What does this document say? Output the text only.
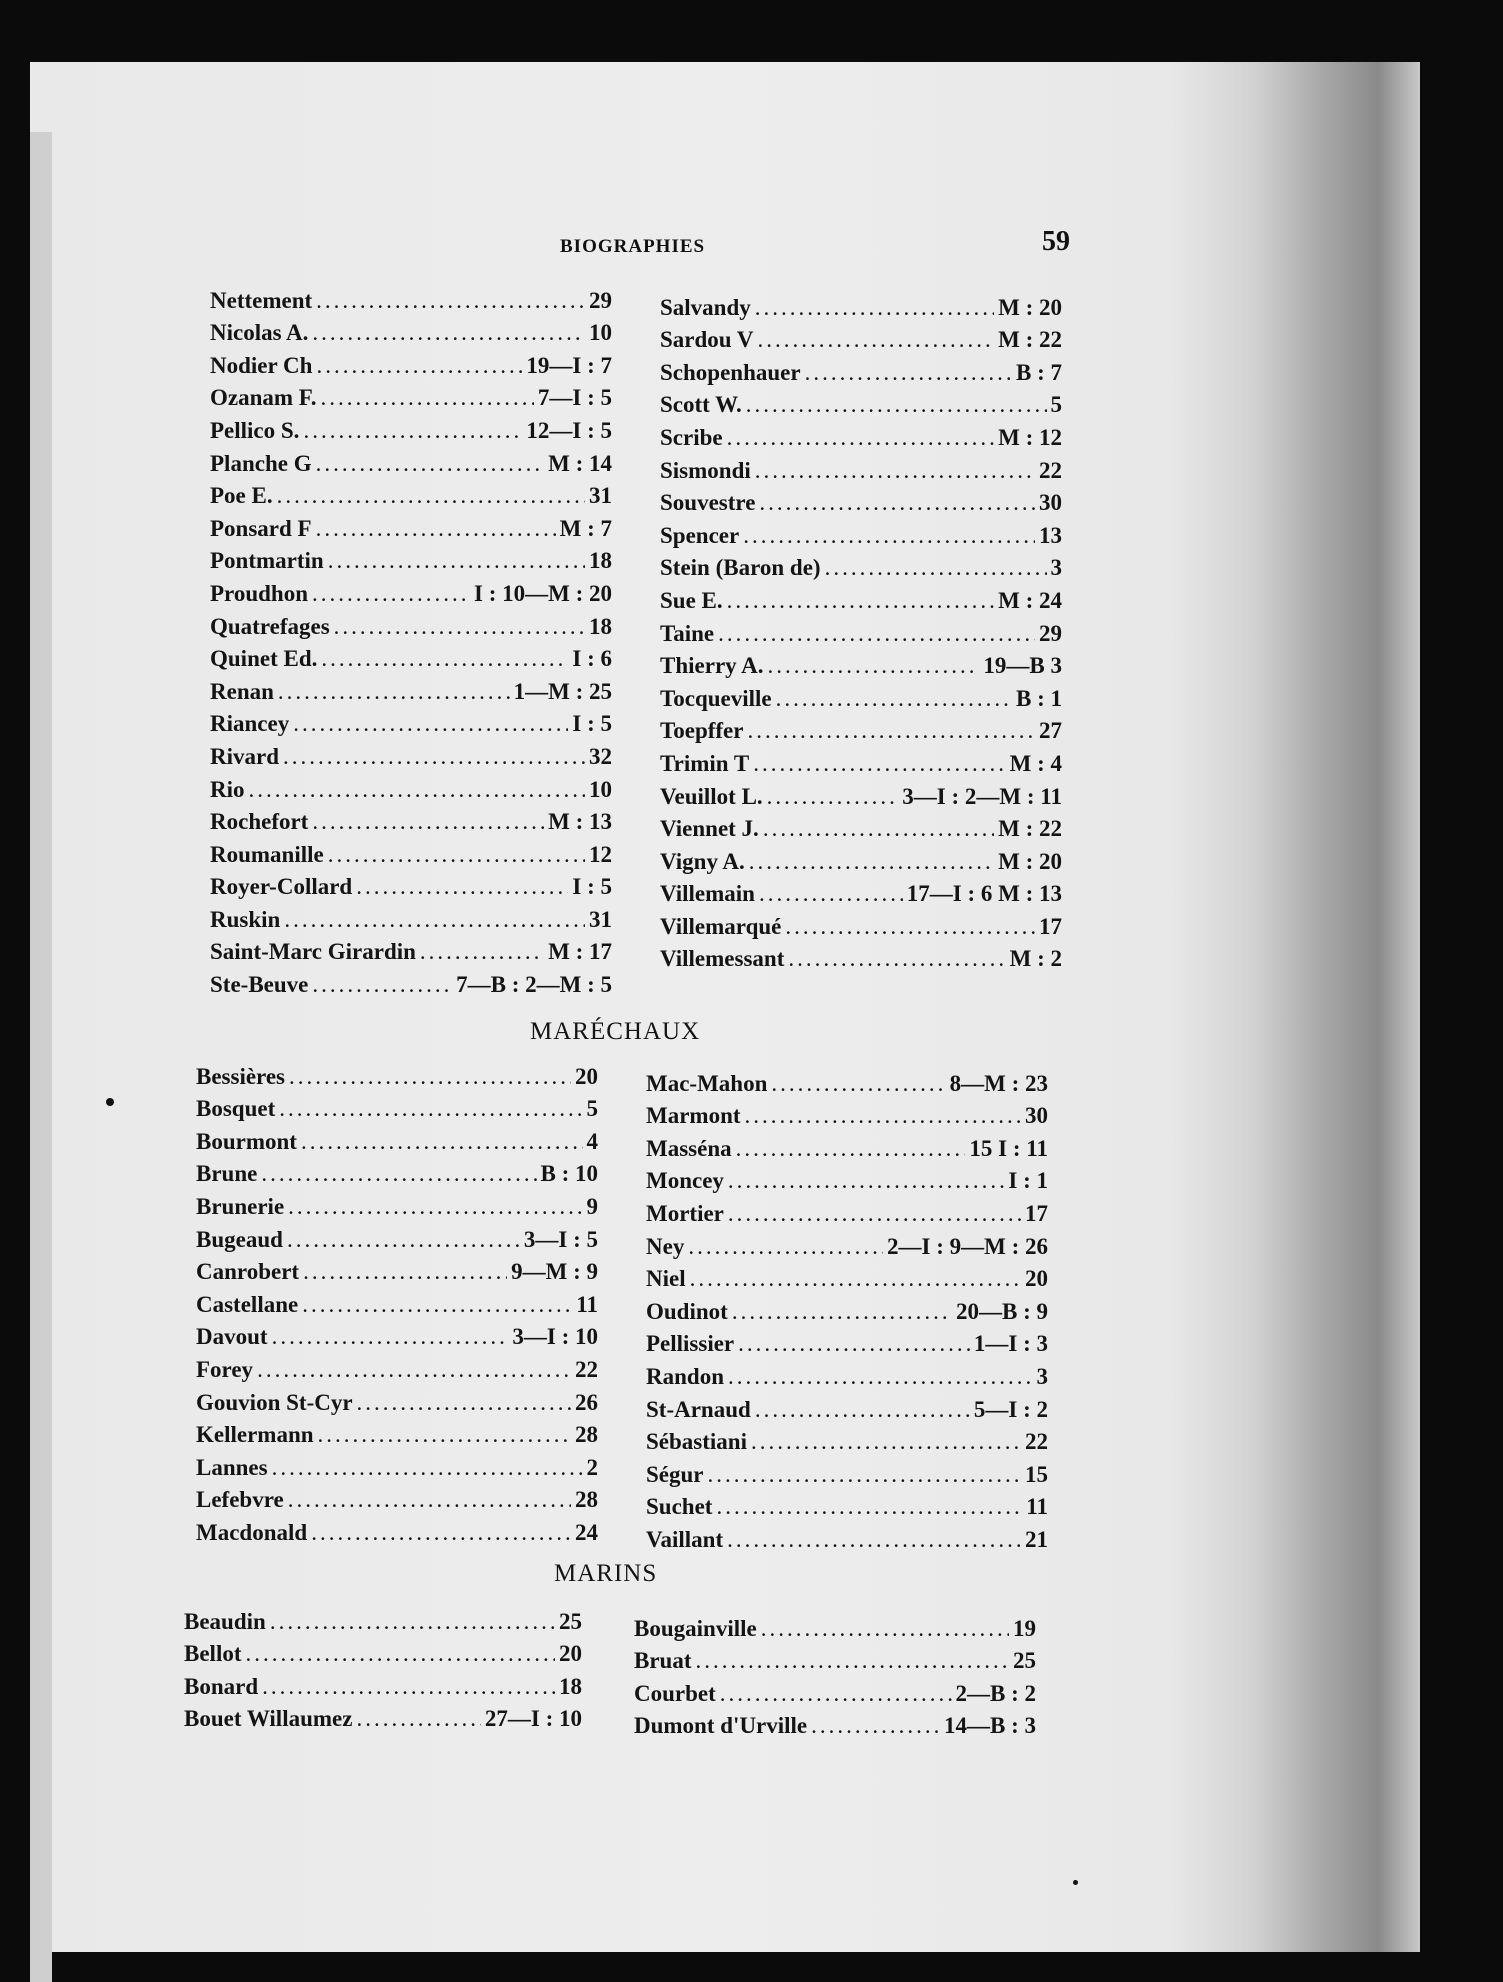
BIOGRAPHIES	59
Nettement .....	29
Nicolas A. .....	10
Nodier Ch .....	19—I : 7
Ozanam F. .....	7—I : 5
Pellico S. .....	12—I : 5
Planche G .....	M : 14
Poe E. .....	31
Ponsard F .....	M : 7
Pontmartin .....	18
Proudhon .....	I : 10—M : 20
Quatrefages .....	18
Quinet Ed. .....	I : 6
Renan .....	1—M : 25
Riancey .....	I : 5
Rivard .....	32
Rio .....	10
Rochefort .....	M : 13
Roumanille .....	12
Royer-Collard .....	I : 5
Ruskin .....	31
Saint-Marc Girardin .....	M : 17
Ste-Beuve .....	7—B : 2—M : 5
Salvandy .....	M : 20
Sardou V .....	M : 22
Schopenhauer .....	B : 7
Scott W. .....	5
Scribe .....	M : 12
Sismondi .....	22
Souvestre .....	30
Spencer .....	13
Stein (Baron de) .....	3
Sue E. .....	M : 24
Taine .....	29
Thierry A. .....	19—B 3
Tocqueville .....	B : 1
Toepffer .....	27
Trimin T .....	M : 4
Veuillot L. .....	3—I : 2—M : 11
Viennet J. .....	M : 22
Vigny A. .....	M : 20
Villemain .....	17—I : 6 M : 13
Villemarqué .....	17
Villemessant .....	M : 2
MARÉCHAUX
Bessières .....	20
Bosquet .....	5
Bourmont .....	4
Brune .....	B : 10
Brunerie .....	9
Bugeaud .....	3—I : 5
Canrobert .....	9—M : 9
Castellane .....	11
Davout .....	3—I : 10
Forey .....	22
Gouvion St-Cyr .....	26
Kellermann .....	28
Lannes .....	2
Lefebvre .....	28
Macdonald .....	24
Mac-Mahon .....	8—M : 23
Marmont .....	30
Masséna .....	15 I : 11
Moncey .....	I : 1
Mortier .....	17
Ney .....	2—I : 9—M : 26
Niel .....	20
Oudinot .....	20—B : 9
Pellissier .....	1—I : 3
Randon .....	3
St-Arnaud .....	5—I : 2
Sébastiani .....	22
Ségur .....	15
Suchet .....	11
Vaillant .....	21
MARINS
Beaudin .....	25
Bellot .....	20
Bonard .....	18
Bouet Willaumez .....	27—I : 10
Bougainville .....	19
Bruat .....	25
Courbet .....	2—B : 2
Dumont d'Urville .....	14—B : 3
